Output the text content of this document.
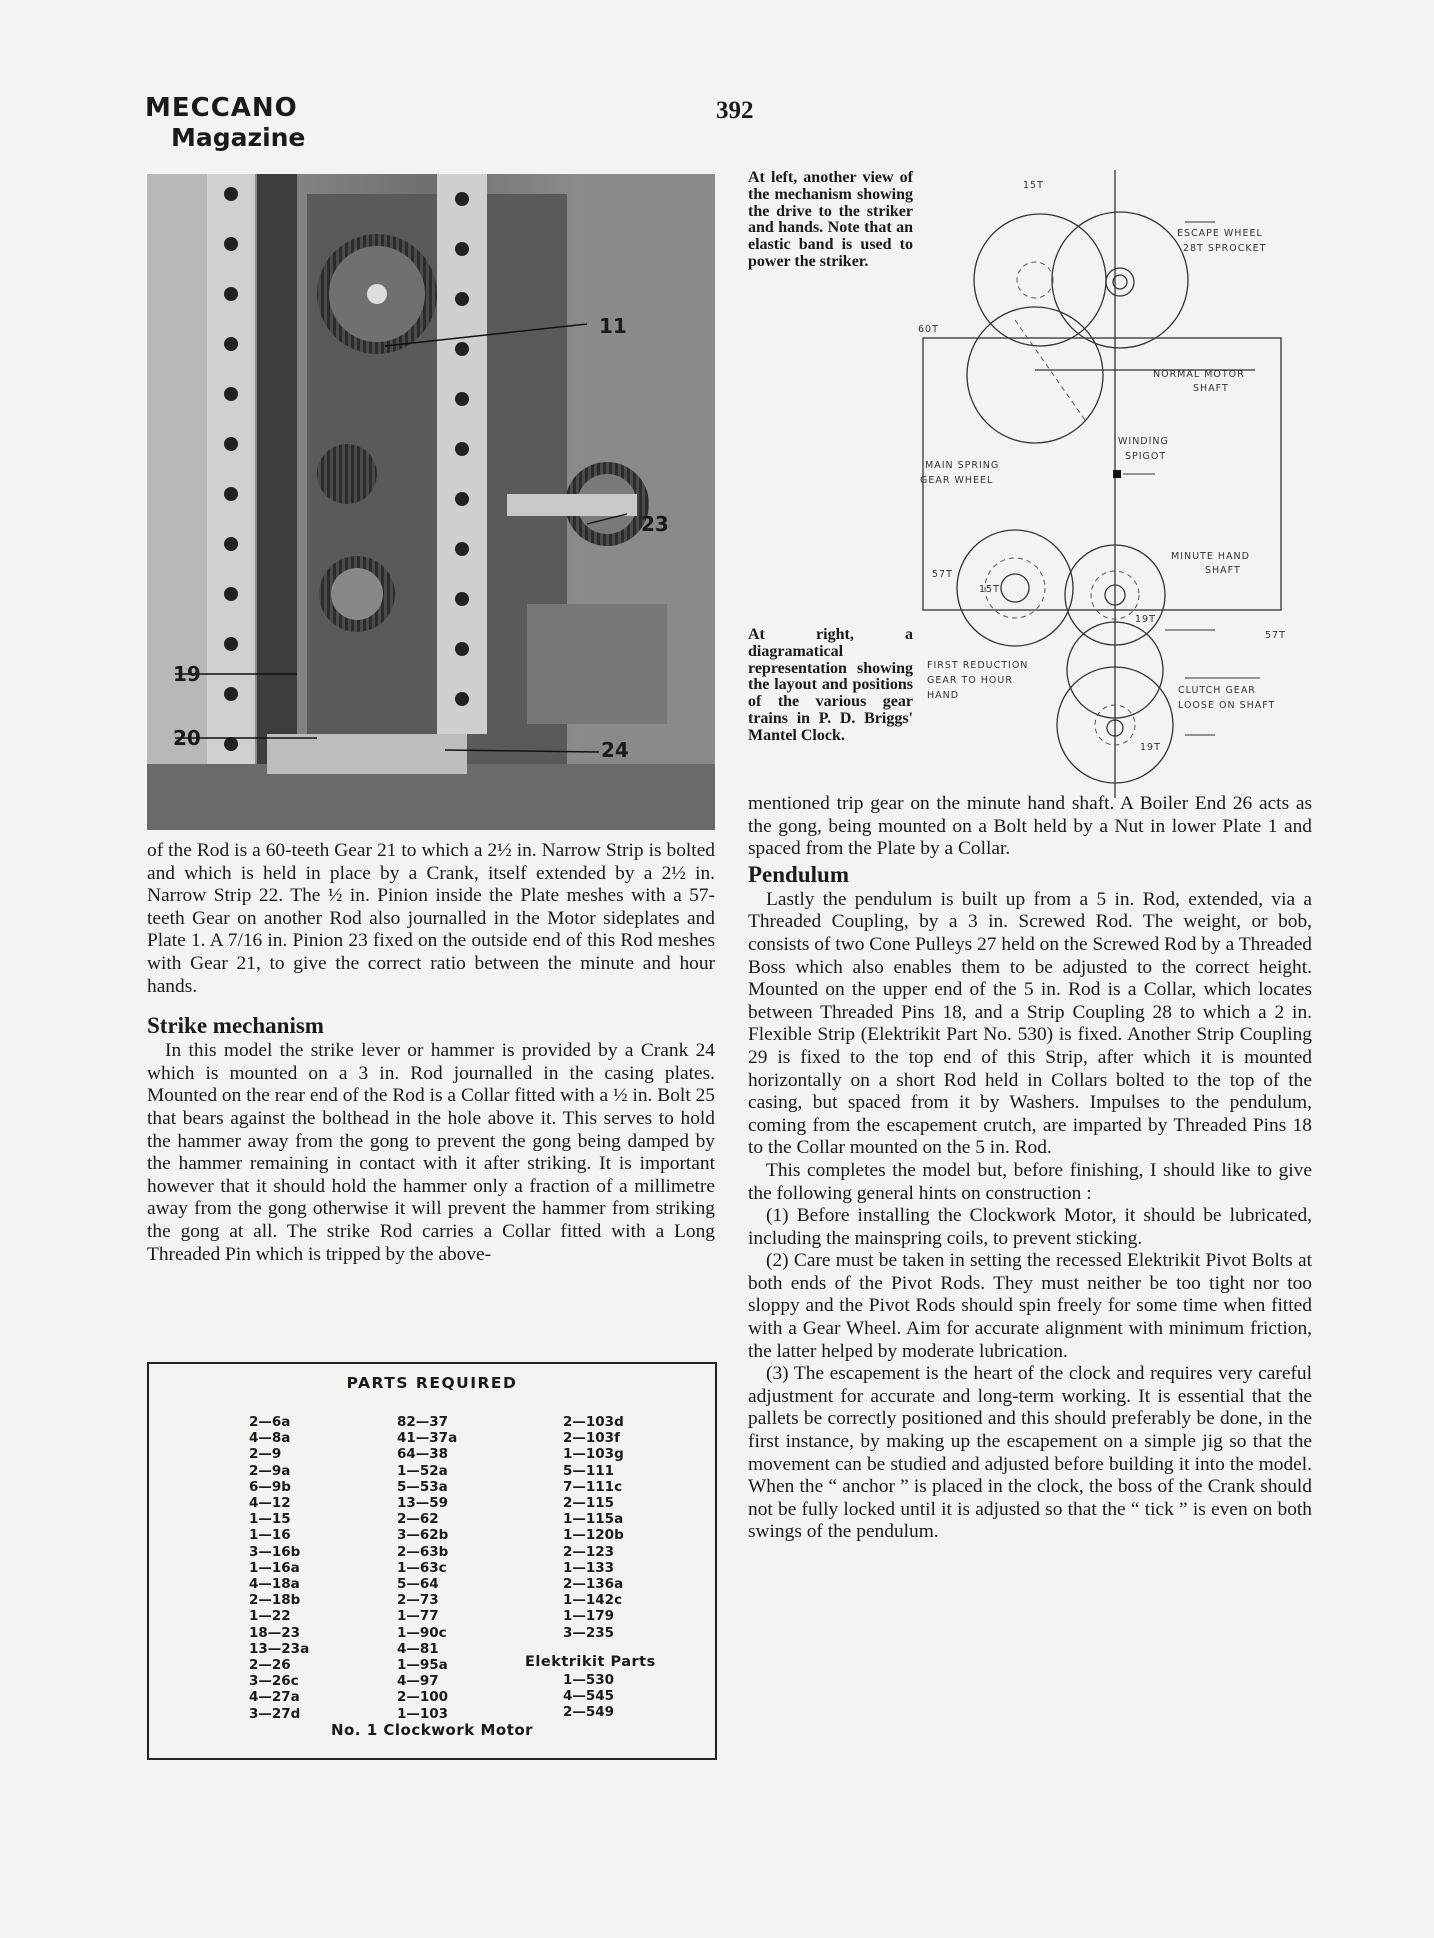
MECCANO
Magazine
392
11
23
19
20	24
At left, another view of the mechanism showing the drive to the striker and hands. Note that an elastic band is used to power the striker.
At right, a diagramatical representation showing the layout and positions of the various gear trains in P. D. Briggs' Mantel Clock.
15T
ESCAPE WHEEL
28T SPROCKET
60T
NORMAL MOTOR
SHAFT
WINDING
SPIGOT
MAIN SPRING
GEAR WHEEL
MINUTE HAND
SHAFT
57T
15T
19T
57T
FIRST REDUCTION
GEAR TO HOUR
HAND	CLUTCH GEAR
LOOSE ON SHAFT
19T

of the Rod is a 60-teeth Gear 21 to which a 2½ in. Narrow Strip is bolted and which is held in place by a Crank, itself extended by a 2½ in. Narrow Strip 22. The ½ in. Pinion inside the Plate meshes with a 57-teeth Gear on another Rod also journalled in the Motor sideplates and Plate 1. A 7/16 in. Pinion 23 fixed on the outside end of this Rod meshes with Gear 21, to give the correct ratio between the minute and hour hands.

Strike mechanism

In this model the strike lever or hammer is provided by a Crank 24 which is mounted on a 3 in. Rod journalled in the casing plates. Mounted on the rear end of the Rod is a Collar fitted with a ½ in. Bolt 25 that bears against the bolthead in the hole above it. This serves to hold the hammer away from the gong to prevent the gong being damped by the hammer remaining in contact with it after striking. It is important however that it should hold the hammer only a fraction of a millimetre away from the gong otherwise it will prevent the hammer from striking the gong at all. The strike Rod carries a Collar fitted with a Long Threaded Pin which is tripped by the above-

mentioned trip gear on the minute hand shaft. A Boiler End 26 acts as the gong, being mounted on a Bolt held by a Nut in lower Plate 1 and spaced from the Plate by a Collar.

Pendulum

Lastly the pendulum is built up from a 5 in. Rod, extended, via a Threaded Coupling, by a 3 in. Screwed Rod. The weight, or bob, consists of two Cone Pulleys 27 held on the Screwed Rod by a Threaded Boss which also enables them to be adjusted to the correct height. Mounted on the upper end of the 5 in. Rod is a Collar, which locates between Threaded Pins 18, and a Strip Coupling 28 to which a 2 in. Flexible Strip (Elektrikit Part No. 530) is fixed. Another Strip Coupling 29 is fixed to the top end of this Strip, after which it is mounted horizontally on a short Rod held in Collars bolted to the top of the casing, but spaced from it by Washers. Impulses to the pendulum, coming from the escapement crutch, are imparted by Threaded Pins 18 to the Collar mounted on the 5 in. Rod.

This completes the model but, before finishing, I should like to give the following general hints on construction :

(1) Before installing the Clockwork Motor, it should be lubricated, including the mainspring coils, to prevent sticking.

(2) Care must be taken in setting the recessed Elektrikit Pivot Bolts at both ends of the Pivot Rods. They must neither be too tight nor too sloppy and the Pivot Rods should spin freely for some time when fitted with a Gear Wheel. Aim for accurate alignment with minimum friction, the latter helped by moderate lubrication.

(3) The escapement is the heart of the clock and requires very careful adjustment for accurate and long-term working. It is essential that the pallets be correctly positioned and this should preferably be done, in the first instance, by making up the escapement on a simple jig so that the movement can be studied and adjusted before building it into the model. When the “ anchor ” is placed in the clock, the boss of the Crank should not be fully locked until it is adjusted so that the “ tick ” is even on both swings of the pendulum.

PARTS REQUIRED
2—6a
4—8a
2—9
2—9a
6—9b
4—12
1—15
1—16
3—16b
1—16a
4—18a
2—18b
1—22
18—23
13—23a
2—26
3—26c
4—27a
3—27d
82—37
41—37a
64—38
1—52a
5—53a
13—59
2—62
3—62b
2—63b
1—63c
5—64
2—73
1—77
1—90c
4—81
1—95a
4—97
2—100
1—103
2—103d
2—103f
1—103g
5—111
7—111c
2—115
1—115a
1—120b
2—123
1—133
2—136a
1—142c
1—179
3—235
Elektrikit Parts
1—530
4—545
2—549
No. 1 Clockwork Motor
